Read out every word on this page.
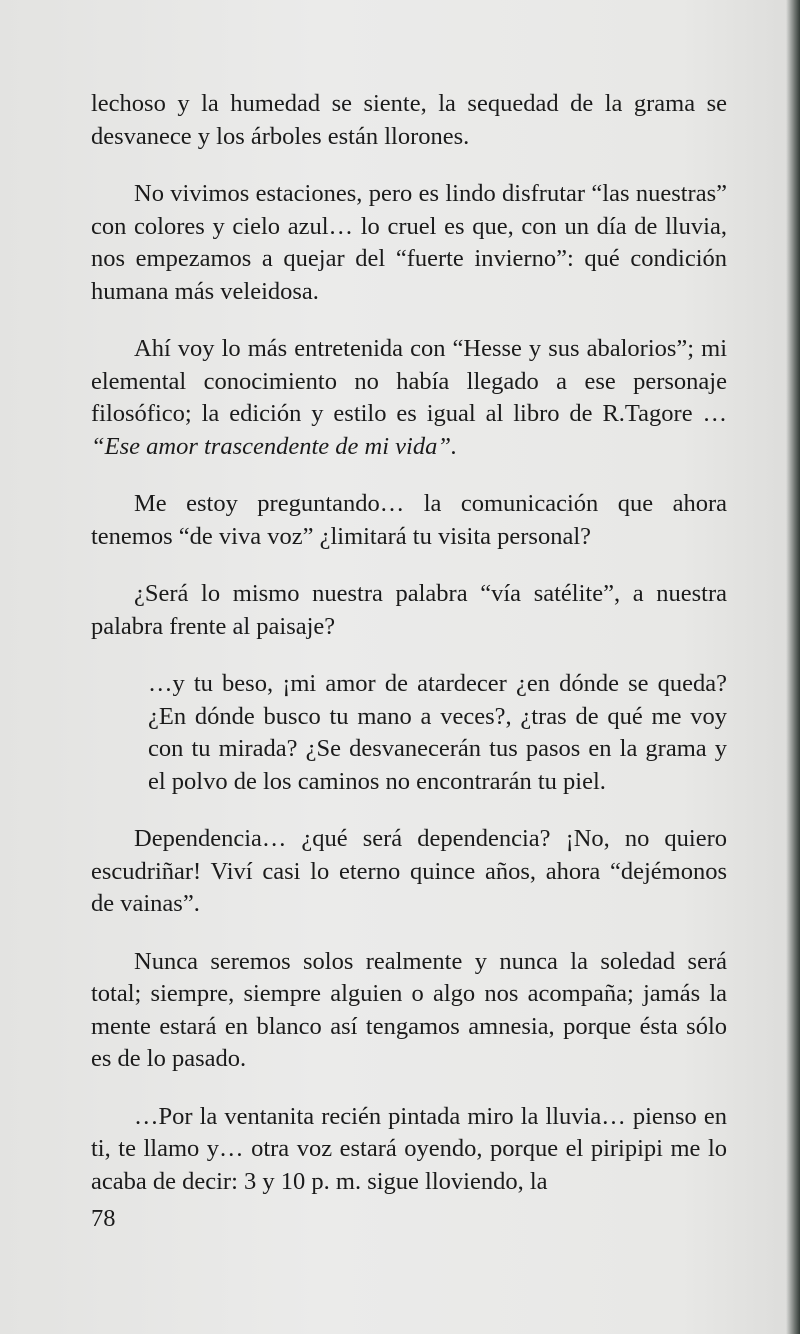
lechoso y la humedad se siente, la sequedad de la grama se desvanece y los árboles están llorones.

No vivimos estaciones, pero es lindo disfrutar “las nuestras” con colores y cielo azul… lo cruel es que, con un día de lluvia, nos empezamos a quejar del “fuerte invierno”: qué condición humana más veleidosa.

Ahí voy lo más entretenida con “Hesse y sus abalorios”; mi elemental conocimiento no había llegado a ese personaje filosófico; la edición y estilo es igual al libro de R.Tagore … “Ese amor trascendente de mi vida”.

Me estoy preguntando… la comunicación que ahora tenemos “de viva voz” ¿limitará tu visita personal?

¿Será lo mismo nuestra palabra “vía satélite”, a nuestra palabra frente al paisaje?

…y tu beso, ¡mi amor de atardecer ¿en dónde se queda? ¿En dónde busco tu mano a veces?, ¿tras de qué me voy con tu mirada? ¿Se desvanecerán tus pasos en la grama y el polvo de los caminos no encontrarán tu piel.

Dependencia… ¿qué será dependencia? ¡No, no quiero escudriñar! Viví casi lo eterno quince años, ahora “dejémonos de vainas”.

Nunca seremos solos realmente y nunca la soledad será total; siempre, siempre alguien o algo nos acompaña; jamás la mente estará en blanco así tengamos amnesia, porque ésta sólo es de lo pasado.

…Por la ventanita recién pintada miro la lluvia… pienso en ti, te llamo y… otra voz estará oyendo, porque el piripipi me lo acaba de decir: 3 y 10 p. m. sigue lloviendo, la

78
